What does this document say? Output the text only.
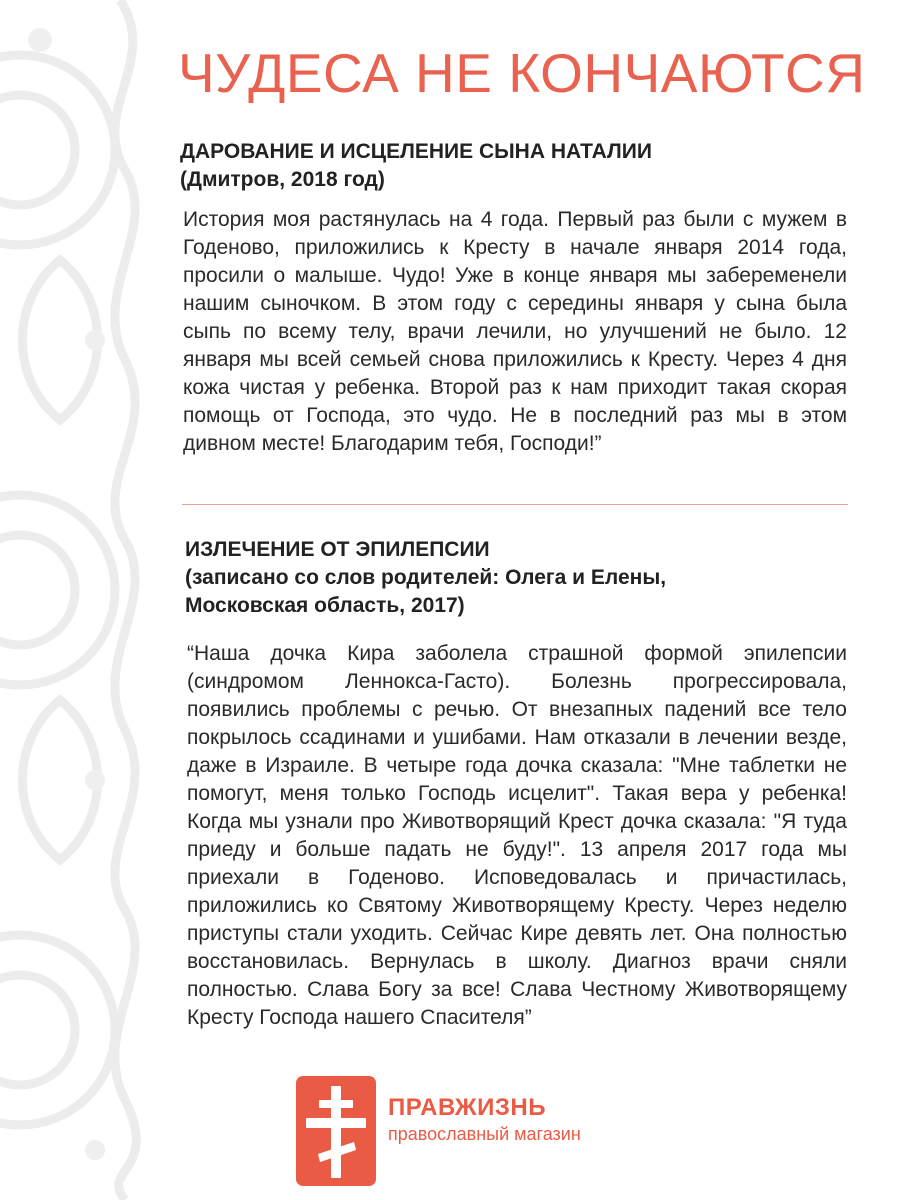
ЧУДЕСА НЕ КОНЧАЮТСЯ
ДАРОВАНИЕ И ИСЦЕЛЕНИЕ СЫНА НАТАЛИИ
(Дмитров, 2018 год)
История моя растянулась на 4 года. Первый раз были с мужем в Годеново, приложились к Кресту в начале января 2014 года, просили о малыше. Чудо! Уже в конце января мы забеременели нашим сыночком. В этом году с середины января у сына была сыпь по всему телу, врачи лечили, но улучшений не было. 12 января мы всей семьей снова приложились к Кресту. Через 4 дня кожа чистая у ребенка. Второй раз к нам приходит такая скорая помощь от Господа, это чудо. Не в последний раз мы в этом дивном месте! Благодарим тебя, Господи!”
ИЗЛЕЧЕНИЕ ОТ ЭПИЛЕПСИИ
(записано со слов родителей: Олега и Елены,
Московская область, 2017)
“Наша дочка Кира заболела страшной формой эпилепсии (синдромом Леннокса-Гасто). Болезнь прогрессировала, появились проблемы с речью. От внезапных падений все тело покрылось ссадинами и ушибами. Нам отказали в лечении везде, даже в Израиле. В четыре года дочка сказала: "Мне таблетки не помогут, меня только Господь исцелит". Такая вера у ребенка! Когда мы узнали про Животворящий Крест дочка сказала: "Я туда приеду и больше падать не буду!". 13 апреля 2017 года мы приехали в Годеново. Исповедовалась и причастилась, приложились ко Святому Животворящему Кресту. Через неделю приступы стали уходить. Сейчас Кире девять лет. Она полностью восстановилась. Вернулась в школу. Диагноз врачи сняли полностью. Слава Богу за все! Слава Честному Животворящему Кресту Господа нашего Спасителя”
ПРАВЖИЗНЬ
православный магазин
